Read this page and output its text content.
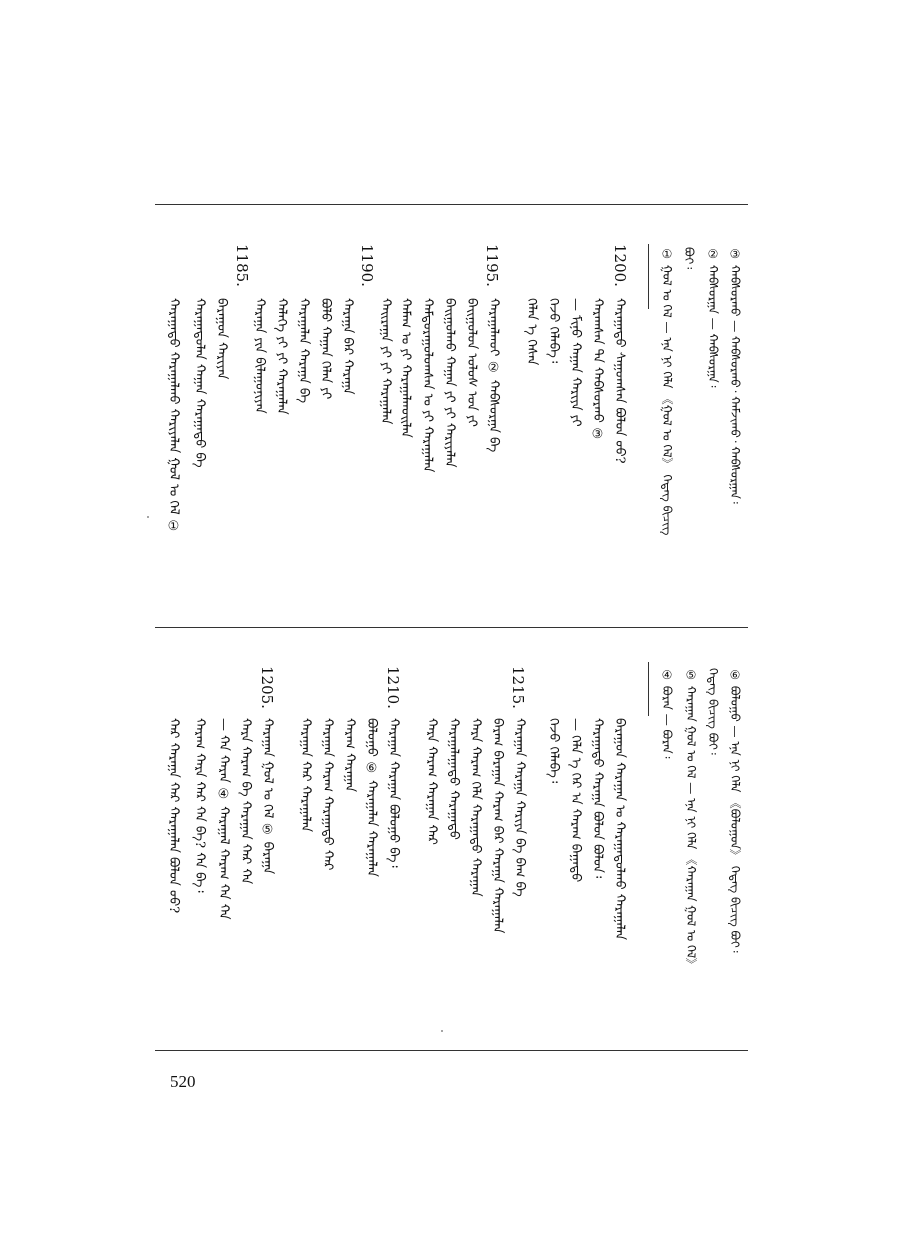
③ ᠬᠠᠪᠰᠤᠷᠬᠤ — ᠬᠠᠪᠰᠤᠷᠬᠤ᠂ ᠬᠠᠮᠵᠢᠬᠤ᠂ ᠬᠠᠪᠰᠤᠷᠭᠠᠨ᠄
② ᠬᠠᠪᠰᠤᠷᠭᠠ — ᠬᠠᠪᠰᠤᠷᠭᠠ᠄
① ᠭᠤᠯ ᠤ ᠬᠡᠯ — ᠡᠨᠡ ᠨᠢ ᠬᠡᠯᠡ 《ᠭᠤᠯ ᠤ ᠬᠡᠯ》 ᠭᠡᠳᠡᠭ ᠪᠢᠴᠢᠭ ᠪᠤᠢ᠄
1200.
1195.
1190.
1185.
ᠬᠠᠷᠠᠭᠠᠳᠤ ᠰᠠᠭᠤᠭᠰᠠᠨ ᠪᠣᠯᠤᠨ ᠤᠤ?
ᠬᠠᠷᠠᠭᠰᠠᠨ ᠲᠠ ᠬᠠᠪᠰᠤᠷᠬᠤ ③
— ᠮᠢᠨᠤ ᠬᠠᠭᠠᠨ ᠬᠠᠷᠢᠶᠠ ᠶᠢ
ᠭᠡᠵᠦ ᠬᠡᠯᠡᠪᠡ᠄
ᠬᠡᠯᠡᠨ ᠡ ᠬᠡᠰᠡᠨ
ᠬᠠᠷᠠᠭᠠᠯᠬᠤᠢ ② ᠬᠠᠪᠰᠤᠷᠭᠠ ᠪᠠ
ᠪᠠᠢᠭᠤᠯᠤᠨ ᠤᠯᠤᠰ ᠤᠨ ᠶᠢ
ᠪᠠᠢᠭᠤᠯᠬᠤ ᠬᠠᠭᠠᠨ ᠶᠢ ᠶᠢ ᠬᠠᠷᠢᠶᠠᠯᠠᠨ
ᠬᠠᠮᠲᠤᠷᠠᠭᠤᠯᠤᠭᠰᠠᠨ ᠤ ᠶᠢ ᠬᠠᠷᠠᠭᠠᠯᠠᠨ
ᠬᠠᠮᠠᠭ ᠤ ᠶᠢ ᠬᠠᠷᠠᠭᠠᠯᠬᠤᠢᠯᠠᠨ
ᠬᠠᠢᠷᠠᠭᠠ ᠶᠢ ᠶᠢ ᠬᠠᠷᠠᠭᠠᠯᠠᠨ
ᠬᠠᠷᠠᠭᠠ ᠪᠠᠷ ᠬᠠᠷᠠᠭᠠ
ᠪᠣᠯᠤ ᠬᠠᠭᠠᠨ ᠬᠡᠯᠡᠨ ᠶᠢ
ᠬᠠᠷᠠᠭᠠᠯᠠᠨ ᠬᠠᠷᠠᠭᠠ ᠪᠠ
ᠬᠠᠯᠡᠭᠡ ᠶᠢ ᠶᠢ ᠬᠠᠷᠠᠭᠠᠯᠠᠨ
ᠬᠠᠷᠠᠭᠠ ᠶᠢᠨ ᠪᠢᠯᠠᠭᠤᠨᠢᠶᠠᠨ
ᠪᠠᠷᠠᠭᠤᠨ ᠬᠠᠷᠢᠶᠠᠨ
ᠬᠠᠷᠠᠭᠠᠳᠤᠯᠠᠨ ᠬᠠᠭᠠᠨ ᠬᠠᠷᠠᠭᠠᠳᠤ ᠪᠠ
ᠬᠠᠷᠠᠭᠠᠳᠤ ᠬᠠᠷᠠᠭᠠᠯᠬᠤ ᠬᠠᠷᠢᠶᠠᠯᠠᠨ ᠭᠤᠯ ᠤ ᠬᠡᠯ ①
⑥ ᠪᠣᠯᠤᠭᠤ — ᠡᠨᠡ ᠨᠢ ᠬᠡᠯᠡ 《ᠪᠣᠯᠤᠭᠤᠨ》 ᠭᠡᠳᠡᠭ ᠪᠢᠴᠢᠭ ᠪᠤᠢ᠄
ᠭᠡᠳᠡᠭ ᠪᠢᠴᠢᠭ ᠪᠤᠢ᠄
⑤ ᠬᠠᠷᠠᠭᠠᠨ ᠭᠤᠯ ᠤ ᠬᠡᠯ — ᠡᠨᠡ ᠨᠢ ᠬᠡᠯᠡ 《ᠬᠠᠷᠠᠭᠠᠨ ᠭᠤᠯ ᠤ ᠬᠡᠯ》
④ ᠪᠤᠷᠠᠨ — ᠪᠤᠷᠠᠨ᠄
1215.
1210.
1205.
ᠪᠠᠷᠠᠭᠤᠨ ᠬᠠᠷᠠᠭᠠᠨ ᠤ ᠬᠠᠷᠠᠭᠠᠳᠤᠯᠬᠤ ᠬᠠᠷᠠᠭᠠᠯᠠᠨ
ᠬᠠᠷᠠᠭᠠᠳᠤ ᠬᠠᠷᠠᠭᠠ ᠪᠣᠯᠤᠨ ᠪᠣᠯᠤᠨ᠄
— ᠬᠡᠯᠡ ᠡ ᠭᠡᠷ ᠡᠨ ᠬᠠᠷᠠᠭ ᠪᠠᠭᠠᠳᠤ
ᠭᠡᠵᠦ ᠬᠡᠯᠡᠪᠡ᠄
ᠬᠠᠷᠠᠭᠠᠨ ᠬᠠᠷᠠᠭᠠ ᠬᠠᠷᠢᠶᠠ ᠪᠠ ᠪᠠᠭ ᠪᠠ
ᠪᠠᠷᠠᠭ ᠪᠠᠷᠠᠭᠠᠨ ᠬᠠᠷᠠᠭ ᠪᠠᠷ ᠬᠠᠷᠠᠭᠠ ᠬᠠᠷᠠᠭᠠᠯᠠᠨ
ᠬᠠᠷᠠ ᠬᠠᠷᠠᠭ ᠬᠡᠯᠡ ᠬᠠᠷᠠᠭᠠᠳᠤ ᠬᠠᠷᠠᠭᠠᠨ
ᠬᠠᠷᠠᠭᠠᠯᠠᠭᠠᠳᠤ ᠬᠠᠷᠠᠭᠠᠳᠤ
ᠬᠠᠷᠠ ᠬᠠᠷᠠᠭ ᠬᠠᠷᠠᠭᠠᠨ ᠬᠠᠷ
ᠬᠠᠷᠠᠭᠠᠨ ᠬᠠᠷᠠᠭᠠᠨ ᠪᠣᠯᠤᠭᠤ ᠪᠠ᠄
ᠪᠣᠯᠤᠭᠤ ⑥ ᠬᠠᠷᠠᠭᠠᠯᠠᠨ ᠬᠠᠷᠠᠭᠠᠯᠠᠨ
ᠬᠠᠷᠠᠭ ᠬᠠᠷᠠᠭᠠᠨ
ᠬᠠᠷᠠᠭᠠᠨ ᠬᠠᠷᠠᠭ ᠬᠠᠷᠠᠭᠠᠳᠤ ᠬᠠᠷ
ᠬᠠᠷᠠᠭᠠᠨ ᠬᠠᠷ ᠬᠠᠷᠠᠭᠠᠯᠠᠨ
ᠬᠠᠷᠠᠭᠠᠨ ᠭᠤᠯ ᠤ ᠬᠡᠯ ⑤ ᠪᠠᠷᠠᠭᠠ
ᠬᠠᠷᠠ ᠬᠠᠷᠠᠭ ᠪᠠ ᠬᠠᠷᠠᠭᠠᠨ ᠬᠠᠷ ᠬᠠ
— ᠬᠠ ᠬᠠᠷᠠᠨ ④ ᠬᠠᠷᠠᠭᠠᠯ ᠬᠠᠷᠠᠭ ᠬᠠ ᠬᠠ
ᠬᠠᠷᠠᠭ ᠬᠠᠷᠠ ᠬᠠᠷ ᠬᠠ ᠪᠠ? ᠬᠠ ᠪᠠ᠄
ᠬᠠᠷ ᠬᠠᠷᠠᠭᠠ ᠬᠠᠷ ᠬᠠᠷᠠᠭᠠᠯᠠᠨ ᠪᠣᠯᠤᠨ ᠤᠤ?
520
